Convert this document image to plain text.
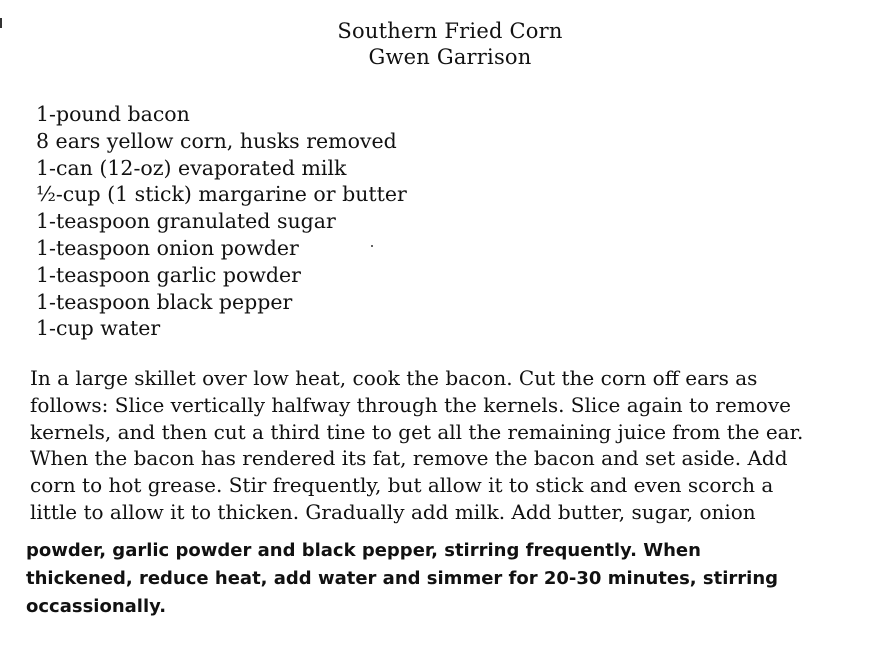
Southern Fried Corn
Gwen Garrison
1-pound bacon
8 ears yellow corn, husks removed
1-can (12-oz) evaporated milk
½-cup (1 stick) margarine or butter
1-teaspoon granulated sugar
1-teaspoon onion powder
1-teaspoon garlic powder
1-teaspoon black pepper
1-cup water
In a large skillet over low heat, cook the bacon. Cut the corn off ears as
follows: Slice vertically halfway through the kernels. Slice again to remove
kernels, and then cut a third tine to get all the remaining juice from the ear.
When the bacon has rendered its fat, remove the bacon and set aside. Add
corn to hot grease. Stir frequently, but allow it to stick and even scorch a
little to allow it to thicken. Gradually add milk. Add butter, sugar, onion
powder, garlic powder and black pepper, stirring frequently. When
thickened, reduce heat, add water and simmer for 20-30 minutes, stirring
occassionally.
